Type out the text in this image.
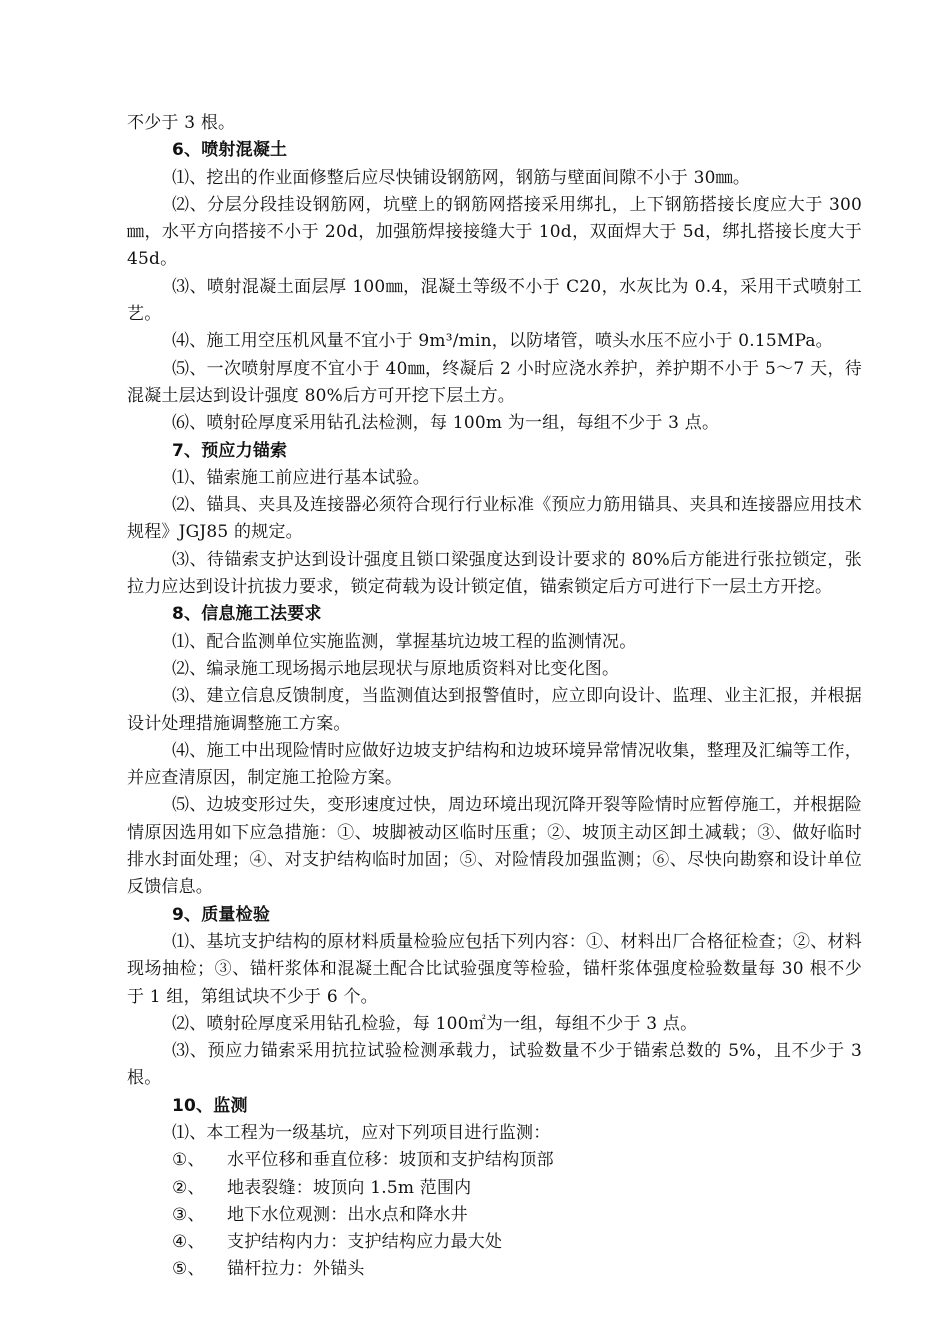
不少于 3 根。

6、喷射混凝土

⑴、挖出的作业面修整后应尽快铺设钢筋网，钢筋与壁面间隙不小于 30㎜。

⑵、分层分段挂设钢筋网，坑壁上的钢筋网搭接采用绑扎，上下钢筋搭接长度应大于 300㎜，水平方向搭接不小于 20d，加强筋焊接接缝大于 10d，双面焊大于 5d，绑扎搭接长度大于 45d。

⑶、喷射混凝土面层厚 100㎜，混凝土等级不小于 C20，水灰比为 0.4，采用干式喷射工艺。

⑷、施工用空压机风量不宜小于 9m³/min，以防堵管，喷头水压不应小于 0.15MPa。

⑸、一次喷射厚度不宜小于 40㎜，终凝后 2 小时应浇水养护，养护期不小于 5～7 天，待混凝土层达到设计强度 80%后方可开挖下层土方。

⑹、喷射砼厚度采用钻孔法检测，每 100m 为一组，每组不少于 3 点。

7、预应力锚索

⑴、锚索施工前应进行基本试验。

⑵、锚具、夹具及连接器必须符合现行行业标准《预应力筋用锚具、夹具和连接器应用技术规程》JGJ85 的规定。

⑶、待锚索支护达到设计强度且锁口梁强度达到设计要求的 80%后方能进行张拉锁定，张拉力应达到设计抗拔力要求，锁定荷载为设计锁定值，锚索锁定后方可进行下一层土方开挖。

8、信息施工法要求

⑴、配合监测单位实施监测，掌握基坑边坡工程的监测情况。

⑵、编录施工现场揭示地层现状与原地质资料对比变化图。

⑶、建立信息反馈制度，当监测值达到报警值时，应立即向设计、监理、业主汇报，并根据设计处理措施调整施工方案。

⑷、施工中出现险情时应做好边坡支护结构和边坡环境异常情况收集，整理及汇编等工作，并应查清原因，制定施工抢险方案。

⑸、边坡变形过失，变形速度过快，周边环境出现沉降开裂等险情时应暂停施工，并根据险情原因选用如下应急措施：①、坡脚被动区临时压重；②、坡顶主动区卸土减载；③、做好临时排水封面处理；④、对支护结构临时加固；⑤、对险情段加强监测；⑥、尽快向勘察和设计单位反馈信息。

9、质量检验

⑴、基坑支护结构的原材料质量检验应包括下列内容：①、材料出厂合格征检查；②、材料现场抽检；③、锚杆浆体和混凝土配合比试验强度等检验，锚杆浆体强度检验数量每 30 根不少于 1 组，第组试块不少于 6 个。

⑵、喷射砼厚度采用钻孔检验，每 100㎡为一组，每组不少于 3 点。

⑶、预应力锚索采用抗拉试验检测承载力，试验数量不少于锚索总数的 5%，且不少于 3 根。

10、监测

⑴、本工程为一级基坑，应对下列项目进行监测：

①、 水平位移和垂直位移：坡顶和支护结构顶部
②、 地表裂缝：坡顶向 1.5m 范围内
③、 地下水位观测：出水点和降水井
④、 支护结构内力：支护结构应力最大处
⑤、 锚杆拉力：外锚头
